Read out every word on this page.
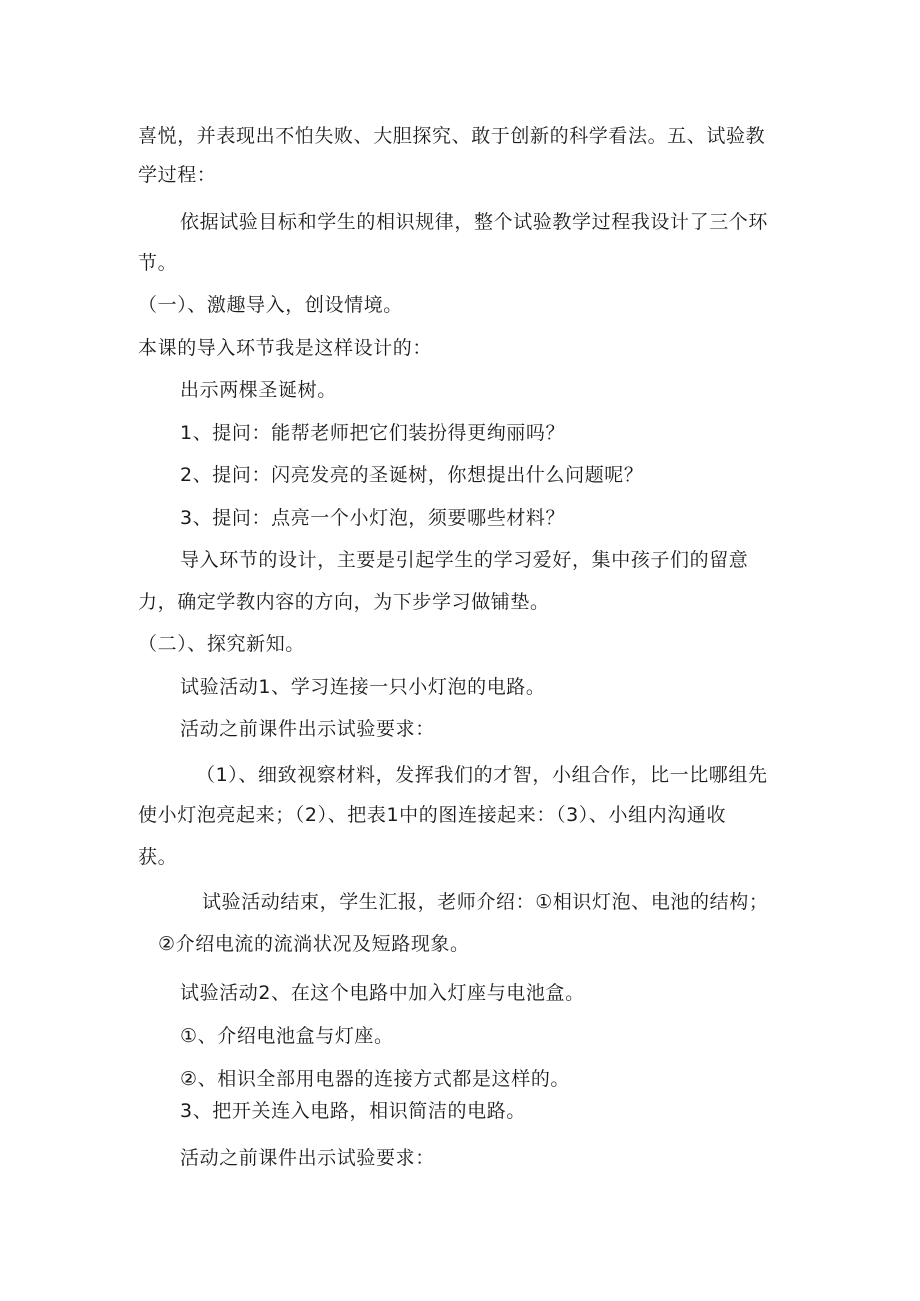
喜悦，并表现出不怕失败、大胆探究、敢于创新的科学看法。五、试验教
学过程：
依据试验目标和学生的相识规律，整个试验教学过程我设计了三个环
节。
（一）、激趣导入，创设情境。
本课的导入环节我是这样设计的：
出示两棵圣诞树。
1、提问：能帮老师把它们装扮得更绚丽吗？
2、提问：闪亮发亮的圣诞树，你想提出什么问题呢？
3、提问：点亮一个小灯泡，须要哪些材料？
导入环节的设计，主要是引起学生的学习爱好，集中孩子们的留意
力，确定学教内容的方向，为下步学习做铺垫。
（二）、探究新知。
试验活动1、学习连接一只小灯泡的电路。
活动之前课件出示试验要求：
（1）、细致视察材料，发挥我们的才智，小组合作，比一比哪组先
使小灯泡亮起来；（2）、把表1中的图连接起来：（3）、小组内沟通收
获。
试验活动结束，学生汇报，老师介绍：①相识灯泡、电池的结构；
②介绍电流的流淌状况及短路现象。
试验活动2、在这个电路中加入灯座与电池盒。
①、介绍电池盒与灯座。
②、相识全部用电器的连接方式都是这样的。
3、把开关连入电路，相识简洁的电路。
活动之前课件出示试验要求：
